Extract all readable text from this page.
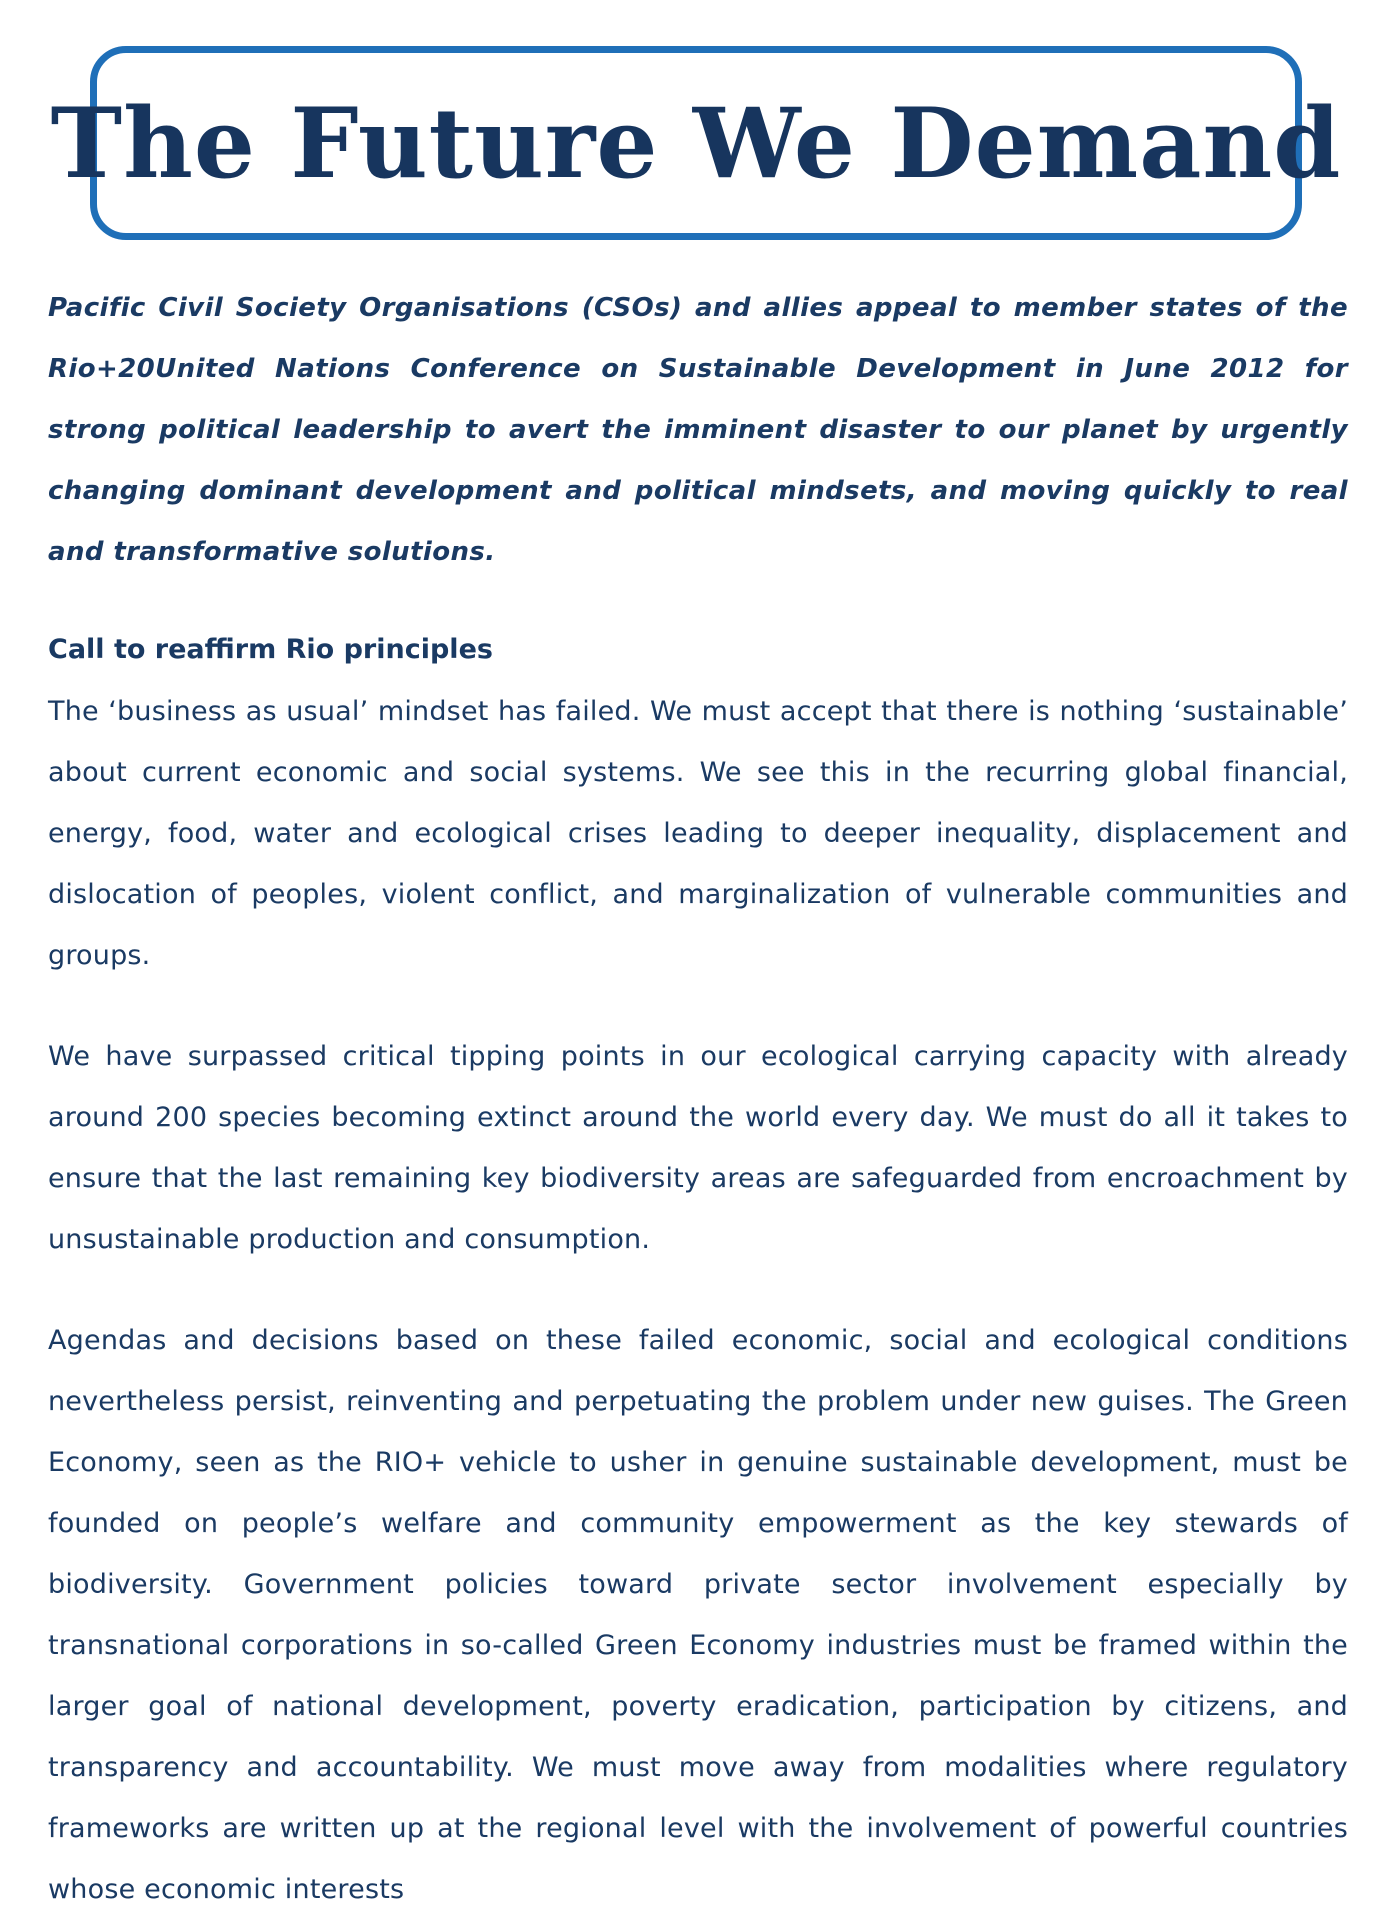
The Future We Demand

Pacific Civil Society Organisations (CSOs) and allies appeal to member states of the Rio+20United Nations Conference on Sustainable Development in June 2012 for strong political leadership to avert the imminent disaster to our planet by urgently changing dominant development and political mindsets, and moving quickly to real and transformative solutions.

Call to reaffirm Rio principles

The ‘business as usual’ mindset has failed. We must accept that there is nothing ‘sustainable’ about current economic and social systems. We see this in the recurring global financial, energy, food, water and ecological crises leading to deeper inequality, displacement and dislocation of peoples, violent conflict, and marginalization of vulnerable communities and groups.

We have surpassed critical tipping points in our ecological carrying capacity with already around 200 species becoming extinct around the world every day. We must do all it takes to ensure that the last remaining key biodiversity areas are safeguarded from encroachment by unsustainable production and consumption.

Agendas and decisions based on these failed economic, social and ecological conditions nevertheless persist, reinventing and perpetuating the problem under new guises. The Green Economy, seen as the RIO+ vehicle to usher in genuine sustainable development, must be founded on people’s welfare and community empowerment as the key stewards of biodiversity. Government policies toward private sector involvement especially by transnational corporations in so-called Green Economy industries must be framed within the larger goal of national development, poverty eradication, participation by citizens, and transparency and accountability. We must move away from modalities where regulatory frameworks are written up at the regional level with the involvement of powerful countries whose economic interests
